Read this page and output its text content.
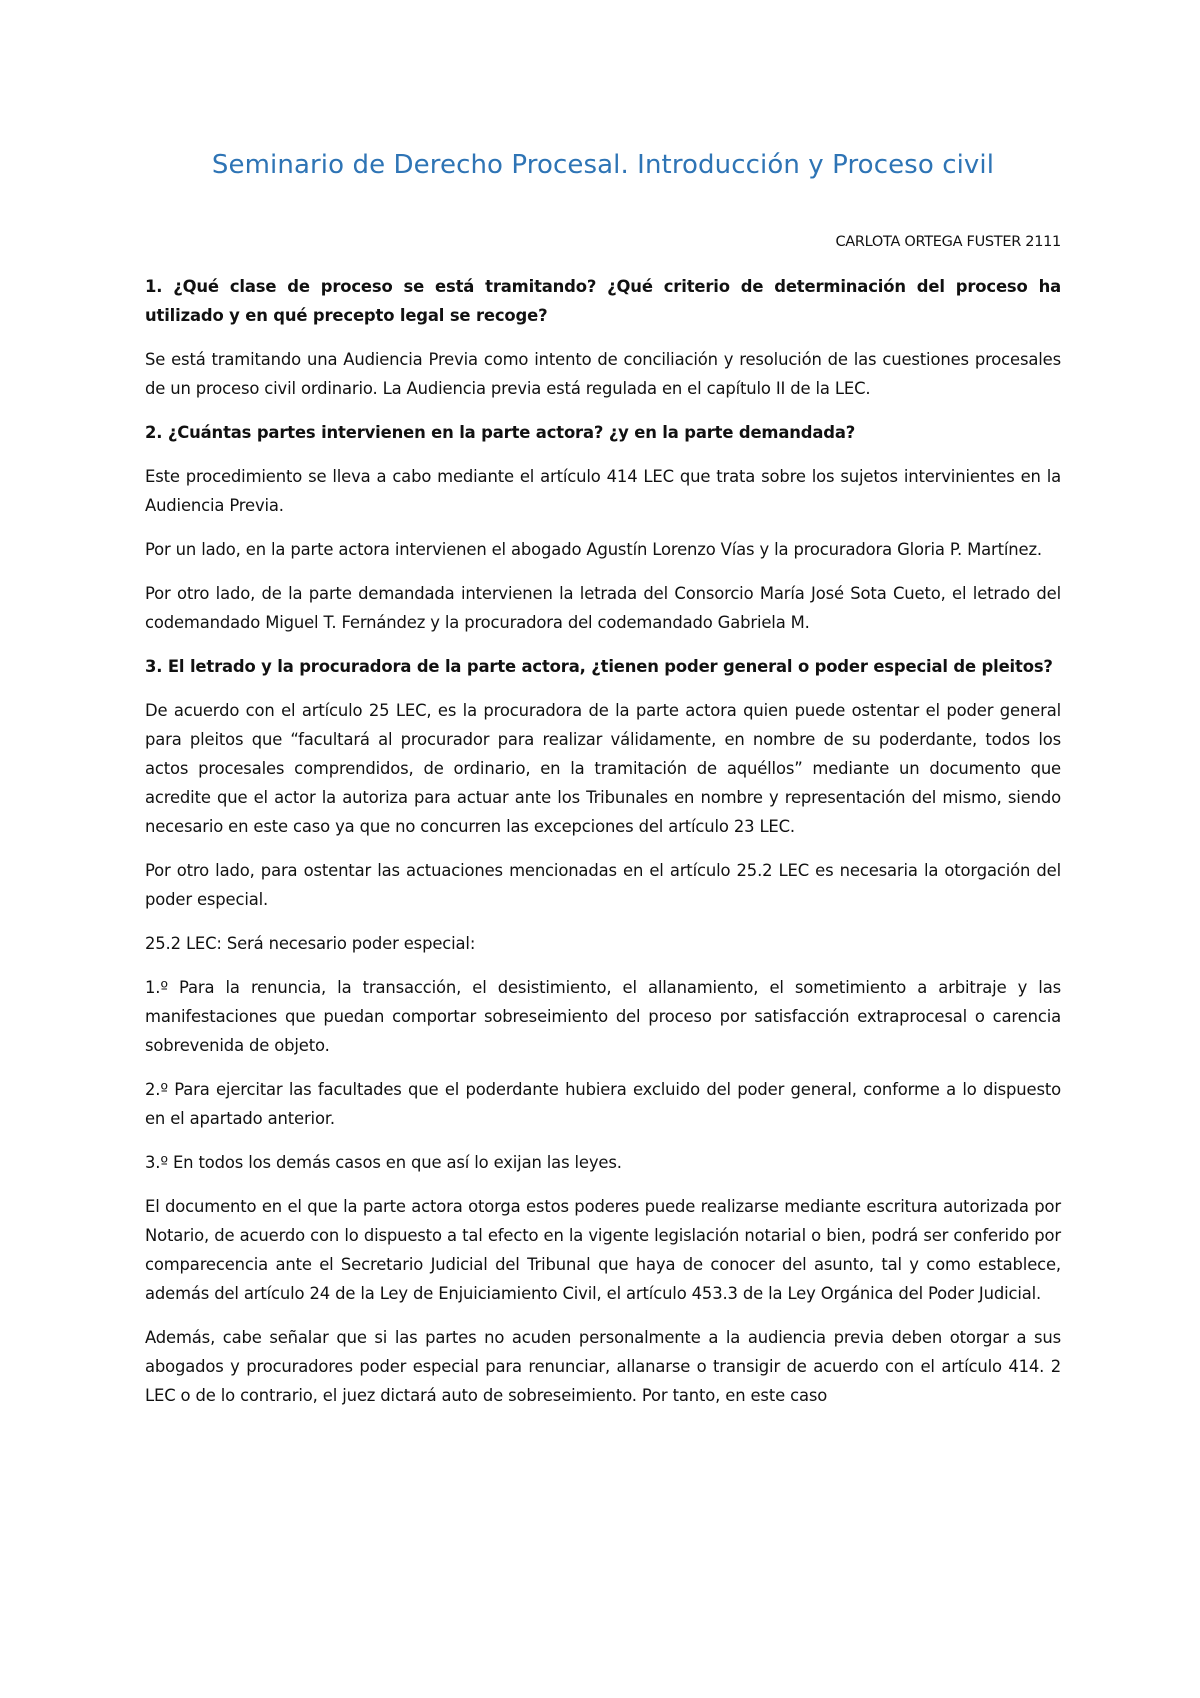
Seminario de Derecho Procesal. Introducción y Proceso civil
CARLOTA ORTEGA FUSTER 2111

1. ¿Qué clase de proceso se está tramitando? ¿Qué criterio de determinación del proceso ha utilizado y en qué precepto legal se recoge?

Se está tramitando una Audiencia Previa como intento de conciliación y resolución de las cuestiones procesales de un proceso civil ordinario. La Audiencia previa está regulada en el capítulo II de la LEC.

2. ¿Cuántas partes intervienen en la parte actora? ¿y en la parte demandada?

Este procedimiento se lleva a cabo mediante el artículo 414 LEC que trata sobre los sujetos intervinientes en la Audiencia Previa.

Por un lado, en la parte actora intervienen el abogado Agustín Lorenzo Vías y la procuradora Gloria P. Martínez.

Por otro lado, de la parte demandada intervienen la letrada del Consorcio María José Sota Cueto, el letrado del codemandado Miguel T. Fernández y la procuradora del codemandado Gabriela M.

3. El letrado y la procuradora de la parte actora, ¿tienen poder general o poder especial de pleitos?

De acuerdo con el artículo 25 LEC, es la procuradora de la parte actora quien puede ostentar el poder general para pleitos que “facultará al procurador para realizar válidamente, en nombre de su poderdante, todos los actos procesales comprendidos, de ordinario, en la tramitación de aquéllos” mediante un documento que acredite que el actor la autoriza para actuar ante los Tribunales en nombre y representación del mismo, siendo necesario en este caso ya que no concurren las excepciones del artículo 23 LEC.

Por otro lado, para ostentar las actuaciones mencionadas en el artículo 25.2 LEC es necesaria la otorgación del poder especial.

25.2 LEC: Será necesario poder especial:

1.º Para la renuncia, la transacción, el desistimiento, el allanamiento, el sometimiento a arbitraje y las manifestaciones que puedan comportar sobreseimiento del proceso por satisfacción extraprocesal o carencia sobrevenida de objeto.

2.º Para ejercitar las facultades que el poderdante hubiera excluido del poder general, conforme a lo dispuesto en el apartado anterior.

3.º En todos los demás casos en que así lo exijan las leyes.

El documento en el que la parte actora otorga estos poderes puede realizarse mediante escritura autorizada por Notario, de acuerdo con lo dispuesto a tal efecto en la vigente legislación notarial o bien, podrá ser conferido por comparecencia ante el Secretario Judicial del Tribunal que haya de conocer del asunto, tal y como establece, además del artículo 24 de la Ley de Enjuiciamiento Civil, el artículo 453.3 de la Ley Orgánica del Poder Judicial.

Además, cabe señalar que si las partes no acuden personalmente a la audiencia previa deben otorgar a sus abogados y procuradores poder especial para renunciar, allanarse o transigir de acuerdo con el artículo 414. 2 LEC o de lo contrario, el juez dictará auto de sobreseimiento. Por tanto, en este caso
